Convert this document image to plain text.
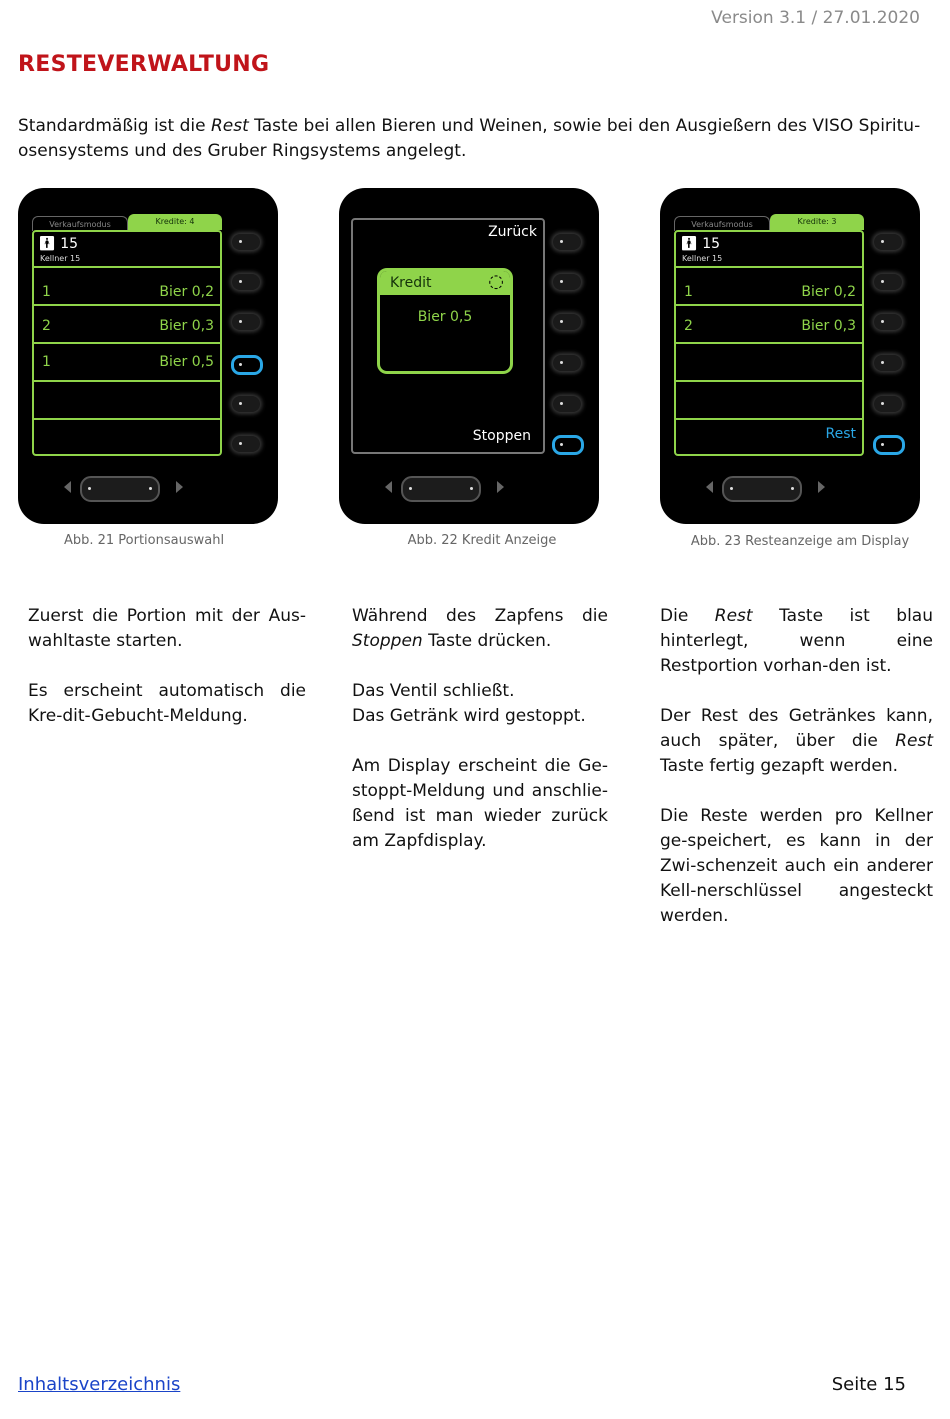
Version 3.1 / 27.01.2020
RESTEVERWALTUNG
Standardmäßig ist die Rest Taste bei allen Bieren und Weinen, sowie bei den Ausgießern des VISO Spiritu-osensystems und des Gruber Ringsystems angelegt.
Verkaufsmodus	Kredite: 4
🚹︎ 15
Kellner 15
1	Bier 0,2
2	Bier 0,3
1	Bier 0,5
Abb. 21 Portionsauswahl
Zurück
Kredit	◌
Bier 0,5
Stoppen
Abb. 22 Kredit Anzeige
Verkaufsmodus	Kredite: 3
🚹︎ 15
Kellner 15
1	Bier 0,2
2	Bier 0,3
Rest
Abb. 23 Resteanzeige am Display

Zuerst die Portion mit der Aus-wahltaste starten.

Es erscheint automatisch die Kre-dit-Gebucht-Meldung.

Während des Zapfens die Stoppen Taste drücken.

Das Ventil schließt.
Das Getränk wird gestoppt.

Am Display erscheint die Ge-stoppt-Meldung und anschlie-ßend ist man wieder zurück am Zapfdisplay.

Die Rest Taste ist blau hinterlegt, wenn eine Restportion vorhan-den ist.

Der Rest des Getränkes kann, auch später, über die Rest Taste fertig gezapft werden.

Die Reste werden pro Kellner ge-speichert, es kann in der Zwi-schenzeit auch ein anderer Kell-nerschlüssel angesteckt werden.

Inhaltsverzeichnis	Seite 15
